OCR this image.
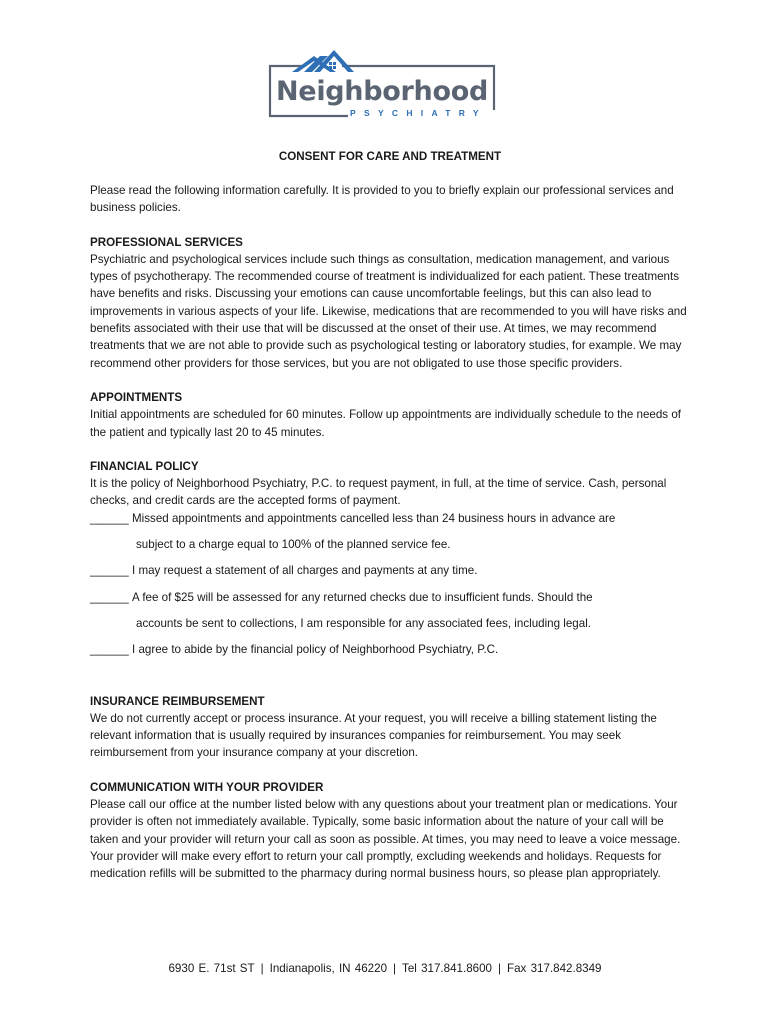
Neighborhood
PSYCHIATRY

CONSENT FOR CARE AND TREATMENT

Please read the following information carefully. It is provided to you to briefly explain our professional services and business policies.

PROFESSIONAL SERVICES

Psychiatric and psychological services include such things as consultation, medication management, and various types of psychotherapy. The recommended course of treatment is individualized for each patient. These treatments have benefits and risks. Discussing your emotions can cause uncomfortable feelings, but this can also lead to improvements in various aspects of your life. Likewise, medications that are recommended to you will have risks and benefits associated with their use that will be discussed at the onset of their use. At times, we may recommend treatments that we are not able to provide such as psychological testing or laboratory studies, for example. We may recommend other providers for those services, but you are not obligated to use those specific providers.

APPOINTMENTS

Initial appointments are scheduled for 60 minutes. Follow up appointments are individually schedule to the needs of the patient and typically last 20 to 45 minutes.

FINANCIAL POLICY

It is the policy of Neighborhood Psychiatry, P.C. to request payment, in full, at the time of service. Cash, personal checks, and credit cards are the accepted forms of payment.

______ Missed appointments and appointments cancelled less than 24 business hours in advance are

subject to a charge equal to 100% of the planned service fee.

______ I may request a statement of all charges and payments at any time.
______ A fee of $25 will be assessed for any returned checks due to insufficient funds. Should the

accounts be sent to collections, I am responsible for any associated fees, including legal.

______ I agree to abide by the financial policy of Neighborhood Psychiatry, P.C.

INSURANCE REIMBURSEMENT

We do not currently accept or process insurance. At your request, you will receive a billing statement listing the relevant information that is usually required by insurances companies for reimbursement. You may seek reimbursement from your insurance company at your discretion.

COMMUNICATION WITH YOUR PROVIDER

Please call our office at the number listed below with any questions about your treatment plan or medications. Your provider is often not immediately available. Typically, some basic information about the nature of your call will be taken and your provider will return your call as soon as possible. At times, you may need to leave a voice message. Your provider will make every effort to return your call promptly, excluding weekends and holidays. Requests for medication refills will be submitted to the pharmacy during normal business hours, so please plan appropriately.

6930 E. 71st ST | Indianapolis, IN 46220 | Tel 317.841.8600 | Fax 317.842.8349
